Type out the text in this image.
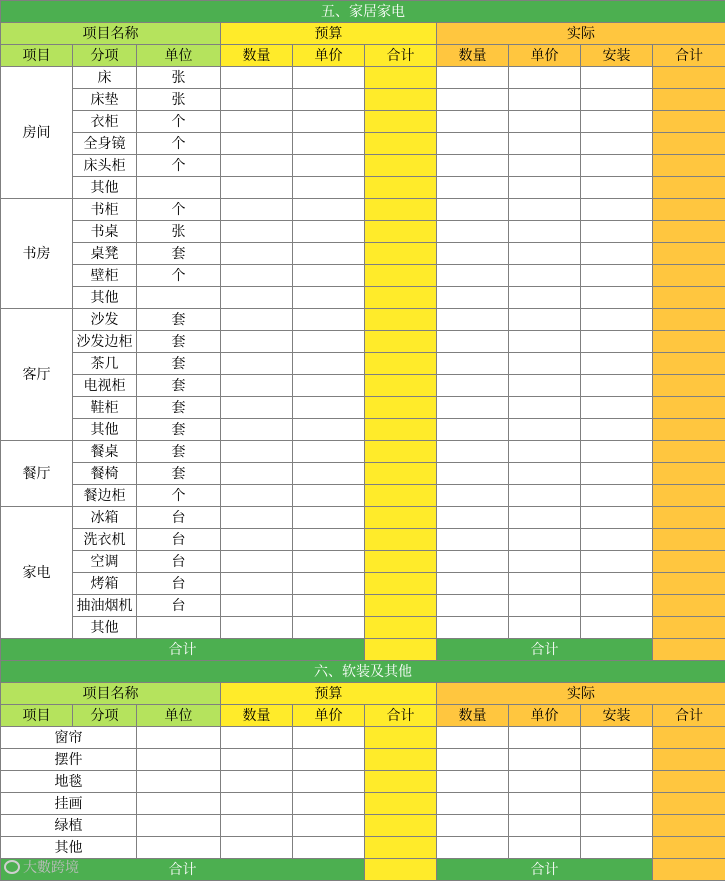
五、家居家电									
项目名称			预算			实际			
项目	分项	单位	数量	单价	合计	数量	单价	安装	合计
房间	床	张							
	床垫	张							
	衣柜	个							
	全身镜	个							
	床头柜	个							
	其他								
书房	书柜	个							
	书桌	张							
	桌凳	套							
	壁柜	个							
	其他								
客厅	沙发	套							
	沙发边柜	套							
	茶几	套							
	电视柜	套							
	鞋柜	套							
	其他	套							
餐厅	餐桌	套							
	餐椅	套							
	餐边柜	个							
家电	冰箱	台							
	洗衣机	台							
	空调	台							
	烤箱	台							
	抽油烟机	台							
	其他								
合计						合计			
六、软装及其他									
项目名称			预算			实际			
项目	分项	单位	数量	单价	合计	数量	单价	安装	合计
窗帘									
摆件									
地毯									
挂画									
绿植									
其他									
合计						合计			
大數跨境
